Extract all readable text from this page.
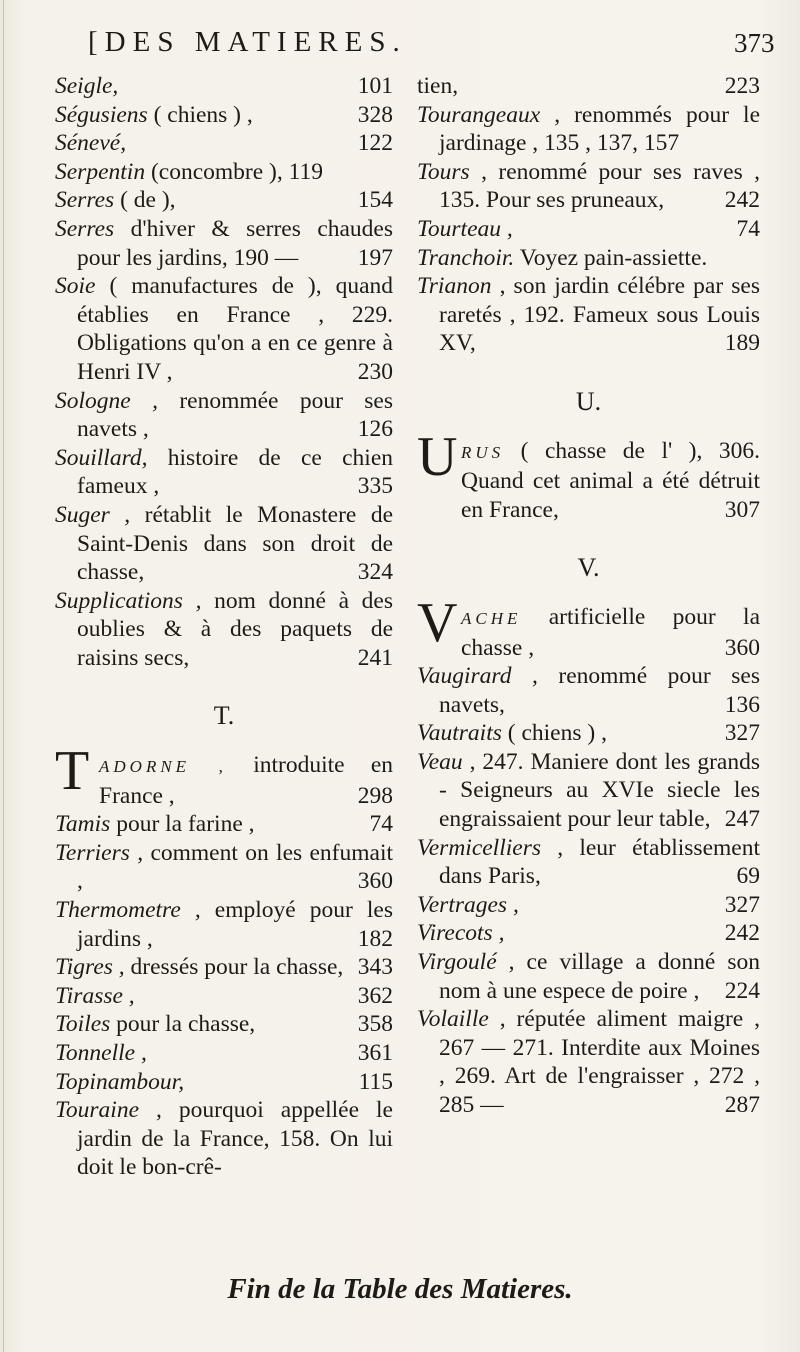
[DES MATIERES.	373
Seigle,	101
Ségusiens ( chiens ) ,	328
Sénevé,	122
Serpentin (concombre ), 119
Serres ( de ),	154
Serres d'hiver & serres chaudes pour les jardins, 190 —	197
Soie ( manufactures de ), quand établies en France , 229. Obligations qu'on a en ce genre à Henri IV ,	230
Sologne , renommée pour ses navets ,	126
Souillard, histoire de ce chien fameux ,	335
Suger , rétablit le Monastere de Saint-Denis dans son droit de chasse,	324
Supplications , nom donné à des oublies & à des paquets de raisins secs,	241
T.
T ADORNE , introduite en France ,	298
Tamis pour la farine ,	74
Terriers , comment on les enfumait ,	360
Thermometre , employé pour les jardins ,	182
Tigres , dressés pour la chasse, 343
Tirasse ,	362
Toiles pour la chasse,	358
Tonnelle ,	361
Topinambour,	115
Touraine , pourquoi appellée le jardin de la France, 158. On lui doit le bon-crê-
tien,	223
Tourangeaux , renommés pour le jardinage , 135 , 137, 157
Tours , renommé pour ses raves , 135. Pour ses pruneaux,	242
Tourteau ,	74
Tranchoir. Voyez pain-assiette.
Trianon , son jardin célébre par ses raretés , 192. Fameux sous Louis XV,	189
U.
U RUS ( chasse de l' ), 306. Quand cet animal a été détruit en France,	307
V.
V ACHE artificielle pour la chasse ,	360
Vaugirard , renommé pour ses navets,	136
Vautraits ( chiens ) ,	327
Veau , 247. Maniere dont les grands - Seigneurs au XVIe siecle les engraissaient pour leur table, 247
Vermicelliers , leur établissement dans Paris,	69
Vertrages ,	327
Virecots ,	242
Virgoulé , ce village a donné son nom à une espece de poire , 224
Volaille , réputée aliment maigre , 267 — 271. Interdite aux Moines , 269. Art de l'engraisser , 272 , 285 —	287
Fin de la Table des Matieres.
